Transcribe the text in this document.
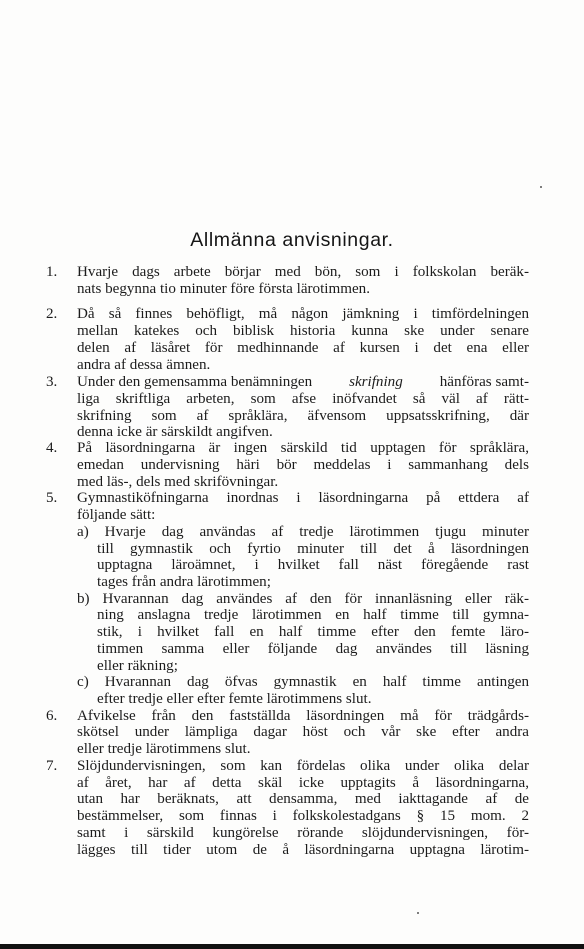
Allmänna anvisningar.
1.
2.
3.
4.
5.
6.
7.
Hvarje dags arbete börjar med bön, som i folkskolan beräk-
nats begynna tio minuter före första lärotimmen.
Då så finnes behöfligt, må någon jämkning i timfördelningen
mellan katekes och biblisk historia kunna ske under senare
delen af läsåret för medhinnande af kursen i det ena eller
andra af dessa ämnen.
Under den gemensamma benämningen skrifning hänföras samt-
liga skriftliga arbeten, som afse inöfvandet så väl af rätt-
skrifning som af språklära, äfvensom uppsatsskrifning, där
denna icke är särskildt angifven.
På läsordningarna är ingen särskild tid upptagen för språklära,
emedan undervisning häri bör meddelas i sammanhang dels
med läs-, dels med skrifövningar.
Gymnastiköfningarna inordnas i läsordningarna på ettdera af
följande sätt:
a) Hvarje dag användas af tredje lärotimmen tjugu minuter
till gymnastik och fyrtio minuter till det å läsordningen
upptagna läroämnet, i hvilket fall näst föregående rast
tages från andra lärotimmen;
b) Hvarannan dag användes af den för innanläsning eller räk-
ning anslagna tredje lärotimmen en half timme till gymna-
stik, i hvilket fall en half timme efter den femte läro-
timmen samma eller följande dag användes till läsning
eller räkning;
c) Hvarannan dag öfvas gymnastik en half timme antingen
efter tredje eller efter femte lärotimmens slut.
Afvikelse från den fastställda läsordningen må för trädgårds-
skötsel under lämpliga dagar höst och vår ske efter andra
eller tredje lärotimmens slut.
Slöjdundervisningen, som kan fördelas olika under olika delar
af året, har af detta skäl icke upptagits å läsordningarna,
utan har beräknats, att densamma, med iakttagande af de
bestämmelser, som finnas i folkskolestadgans § 15 mom. 2
samt i särskild kungörelse rörande slöjdundervisningen, för-
lägges till tider utom de å läsordningarna upptagna lärotim-
